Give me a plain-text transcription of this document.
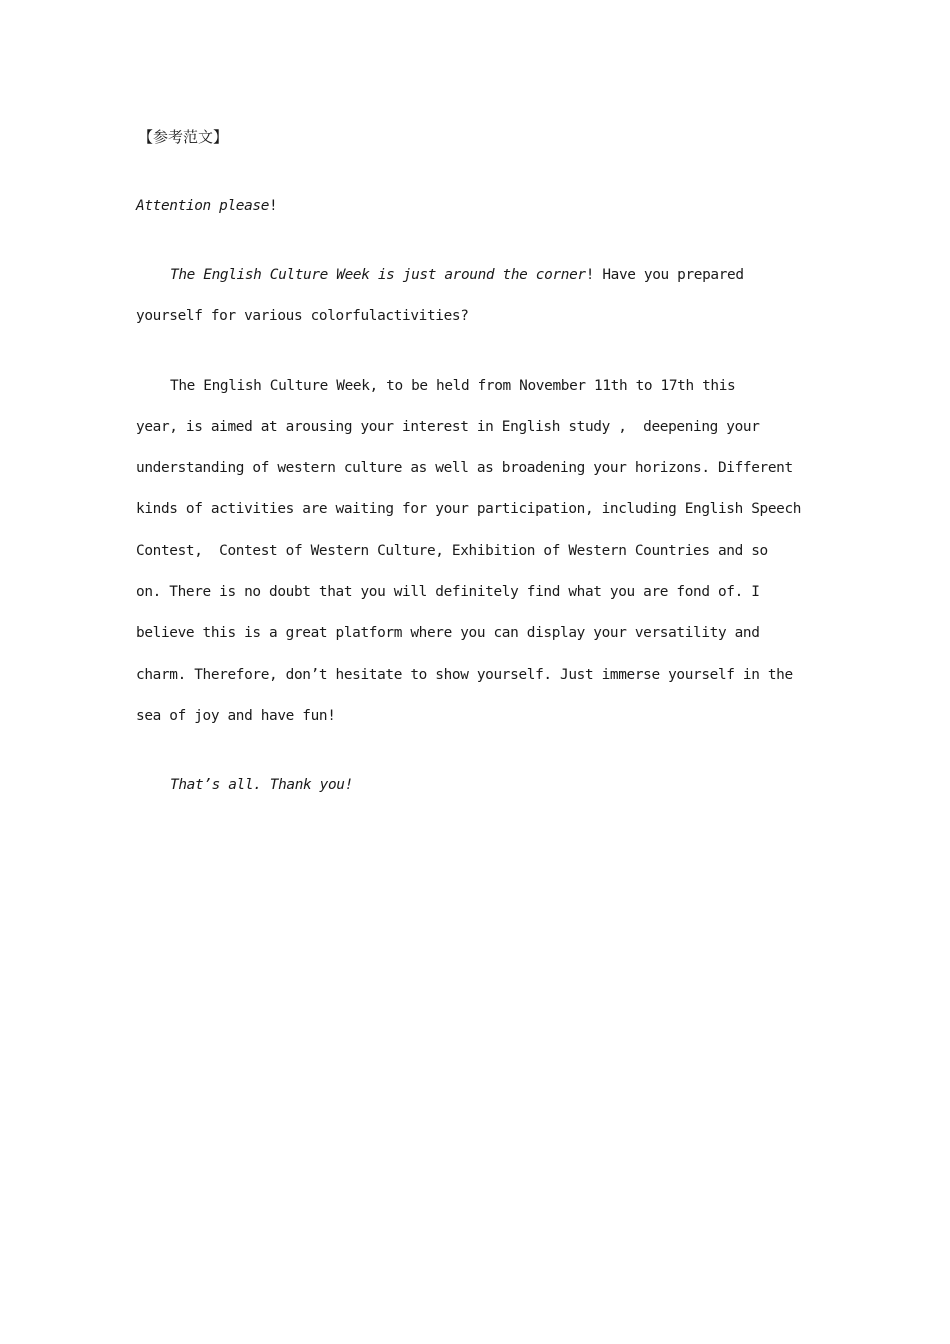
【参考范文】
Attention please!
The English Culture Week is just around the corner! Have you prepared
yourself for various colorfulactivities?
The English Culture Week, to be held from November 11th to 17th this
year, is aimed at arousing your interest in English study ,  deepening your
understanding of western culture as well as broadening your horizons. Different
kinds of activities are waiting for your participation, including English Speech
Contest,  Contest of Western Culture, Exhibition of Western Countries and so
on. There is no doubt that you will definitely find what you are fond of. I
believe this is a great platform where you can display your versatility and
charm. Therefore, don’t hesitate to show yourself. Just immerse yourself in the
sea of joy and have fun!
That’s all. Thank you!
